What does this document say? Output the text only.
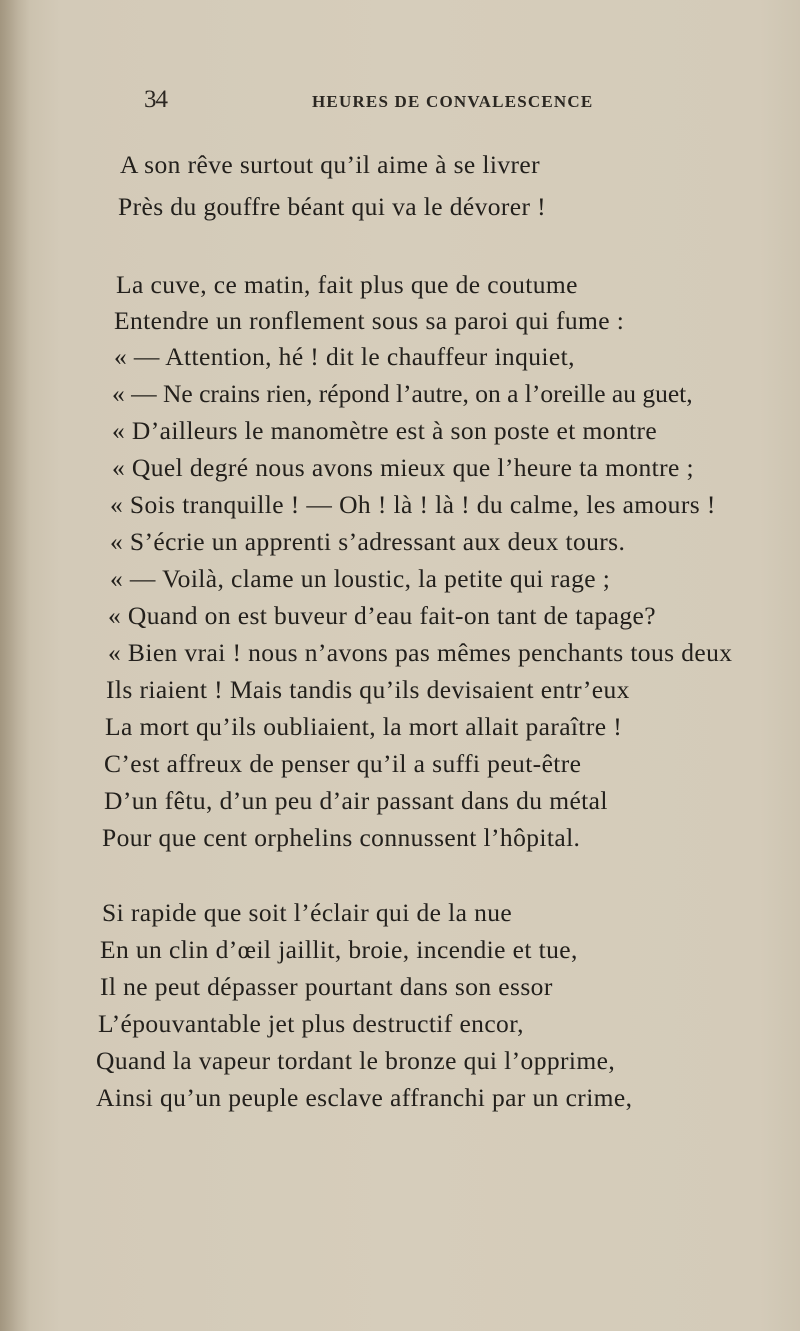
34	HEURES DE CONVALESCENCE
A son rêve surtout qu’il aime à se livrer
Près du gouffre béant qui va le dévorer !
La cuve, ce matin, fait plus que de coutume
Entendre un ronflement sous sa paroi qui fume :
« — Attention, hé ! dit le chauffeur inquiet,
« — Ne crains rien, répond l’autre, on a l’oreille au guet,
« D’ailleurs le manomètre est à son poste et montre
« Quel degré nous avons mieux que l’heure ta montre ;
« Sois tranquille ! — Oh ! là ! là ! du calme, les amours !
« S’écrie un apprenti s’adressant aux deux tours.
« — Voilà, clame un loustic, la petite qui rage ;
« Quand on est buveur d’eau fait-on tant de tapage?
« Bien vrai ! nous n’avons pas mêmes penchants tous deux
Ils riaient ! Mais tandis qu’ils devisaient entr’eux
La mort qu’ils oubliaient, la mort allait paraître !
C’est affreux de penser qu’il a suffi peut-être
D’un fêtu, d’un peu d’air passant dans du métal
Pour que cent orphelins connussent l’hôpital.
Si rapide que soit l’éclair qui de la nue
En un clin d’œil jaillit, broie, incendie et tue,
Il ne peut dépasser pourtant dans son essor
L’épouvantable jet plus destructif encor,
Quand la vapeur tordant le bronze qui l’opprime,
Ainsi qu’un peuple esclave affranchi par un crime,
